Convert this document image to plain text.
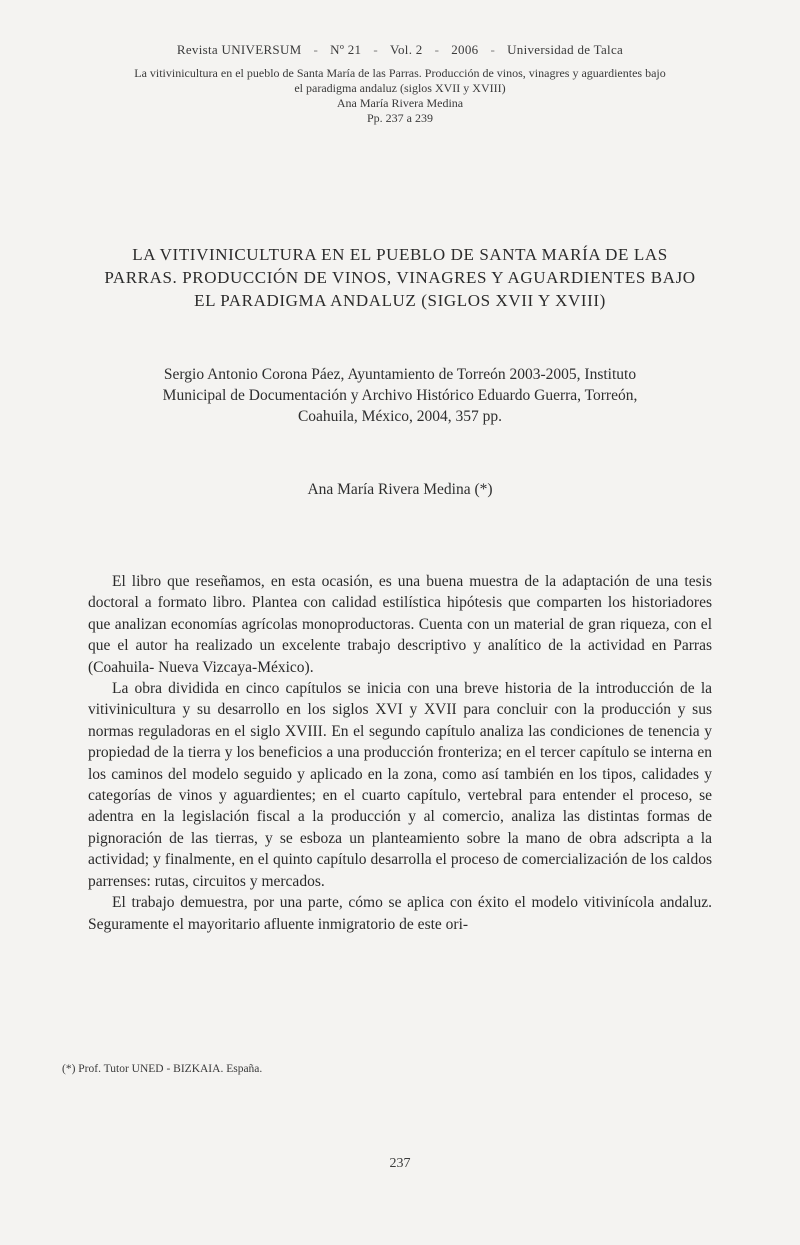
Revista UNIVERSUM - Nº 21 - Vol. 2 - 2006 - Universidad de Talca
La vitivinicultura en el pueblo de Santa María de las Parras. Producción de vinos, vinagres y aguardientes bajo
el paradigma andaluz (siglos XVII y XVIII)
Ana María Rivera Medina
Pp. 237 a 239
LA VITIVINICULTURA EN EL PUEBLO DE SANTA MARÍA DE LAS
PARRAS. PRODUCCIÓN DE VINOS, VINAGRES Y AGUARDIENTES BAJO
EL PARADIGMA ANDALUZ (SIGLOS XVII Y XVIII)
Sergio Antonio Corona Páez, Ayuntamiento de Torreón 2003-2005, Instituto
Municipal de Documentación y Archivo Histórico Eduardo Guerra, Torreón,
Coahuila, México, 2004, 357 pp.
Ana María Rivera Medina (*)

El libro que reseñamos, en esta ocasión, es una buena muestra de la adaptación de una tesis doctoral a formato libro. Plantea con calidad estilística hipótesis que comparten los historiadores que analizan economías agrícolas monoproductoras. Cuenta con un material de gran riqueza, con el que el autor ha realizado un excelente trabajo descriptivo y analítico de la actividad en Parras (Coahuila- Nueva Vizcaya-México).

La obra dividida en cinco capítulos se inicia con una breve historia de la introducción de la vitivinicultura y su desarrollo en los siglos XVI y XVII para concluir con la producción y sus normas reguladoras en el siglo XVIII. En el segundo capítulo analiza las condiciones de tenencia y propiedad de la tierra y los beneficios a una producción fronteriza; en el tercer capítulo se interna en los caminos del modelo seguido y aplicado en la zona, como así también en los tipos, calidades y categorías de vinos y aguardientes; en el cuarto capítulo, vertebral para entender el proceso, se adentra en la legislación fiscal a la producción y al comercio, analiza las distintas formas de pignoración de las tierras, y se esboza un planteamiento sobre la mano de obra adscripta a la actividad; y finalmente, en el quinto capítulo desarrolla el proceso de comercialización de los caldos parrenses: rutas, circuitos y mercados.

El trabajo demuestra, por una parte, cómo se aplica con éxito el modelo vitivinícola andaluz. Seguramente el mayoritario afluente inmigratorio de este ori-

(*) Prof. Tutor UNED - BIZKAIA. España.
237
